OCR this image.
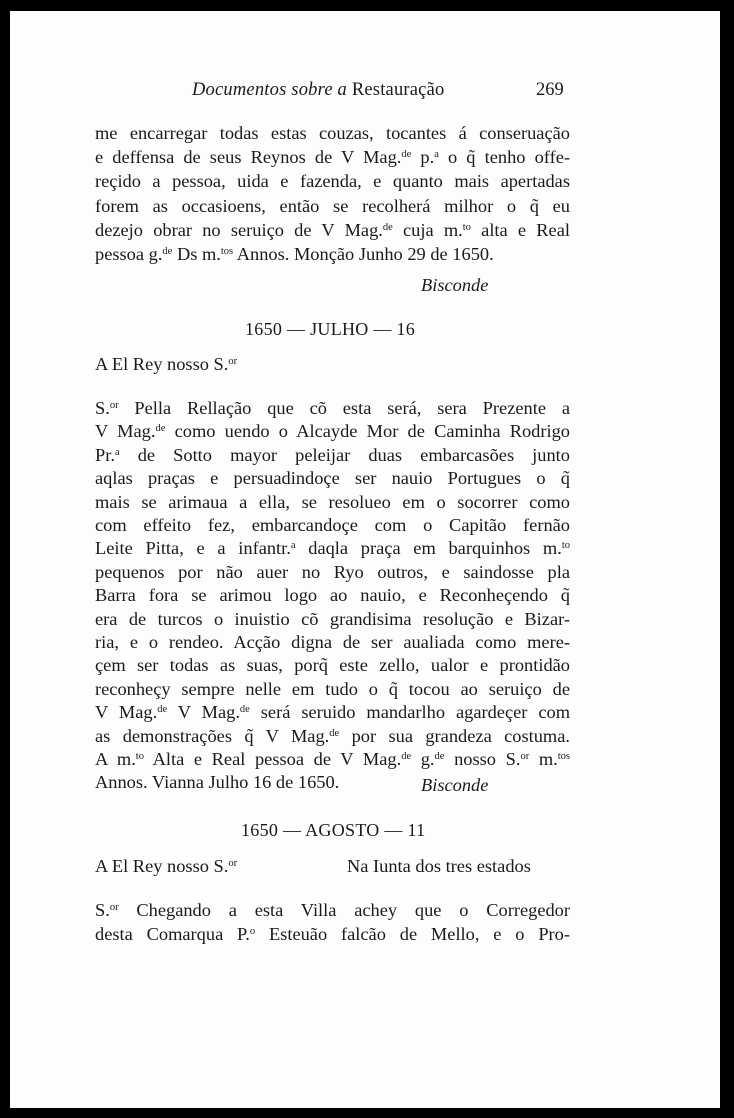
Documentos sobre a Restauração	269
me encarregar todas estas couzas, tocantes á conseruação
e deffensa de seus Reynos de V Mag.$^{de}$ p.$^a$ o q̃ tenho offe-
reçido a pessoa, uida e fazenda, e quanto mais apertadas
forem as occasioens, então se recolherá milhor o q̃ eu
dezejo obrar no seruiço de V Mag.$^{de}$ cuja m.$^{to}$ alta e Real
pessoa g.$^{de}$ Ds m.$^{tos}$ Annos. Monção Junho 29 de 1650.
Bisconde
1650 — JULHO — 16
A El Rey nosso S.$^{or}$
S.$^{or}$ Pella Rellação que cõ esta será, sera Prezente a
V Mag.$^{de}$ como uendo o Alcayde Mor de Caminha Rodrigo
Pr.$^a$ de Sotto mayor peleijar duas embarcasões junto
aqlas praças e persuadindoçe ser nauio Portugues o q̃
mais se arimaua a ella, se resolueo em o socorrer como
com effeito fez, embarcandoçe com o Capitão fernão
Leite Pitta, e a infantr.$^a$ daqla praça em barquinhos m.$^{to}$
pequenos por não auer no Ryo outros, e saindosse pla
Barra fora se arimou logo ao nauio, e Reconheçendo q̃
era de turcos o inuistio cõ grandisima resolução e Bizar-
ria, e o rendeo. Acção digna de ser aualiada como mere-
çem ser todas as suas, porq̃ este zello, ualor e prontidão
reconheçy sempre nelle em tudo o q̃ tocou ao seruiço de
V Mag.$^{de}$ V Mag.$^{de}$ será seruido mandarlho agardeçer com
as demonstrações q̃ V Mag.$^{de}$ por sua grandeza costuma.
A m.$^{to}$ Alta e Real pessoa de V Mag.$^{de}$ g.$^{de}$ nosso S.$^{or}$ m.$^{tos}$
Annos. Vianna Julho 16 de 1650.	Bisconde
1650 — AGOSTO — 11
A El Rey nosso S.$^{or}$	Na Iunta dos tres estados
S.$^{or}$ Chegando a esta Villa achey que o Corregedor
desta Comarqua P.$^o$ Esteuão falcão de Mello, e o Pro-
